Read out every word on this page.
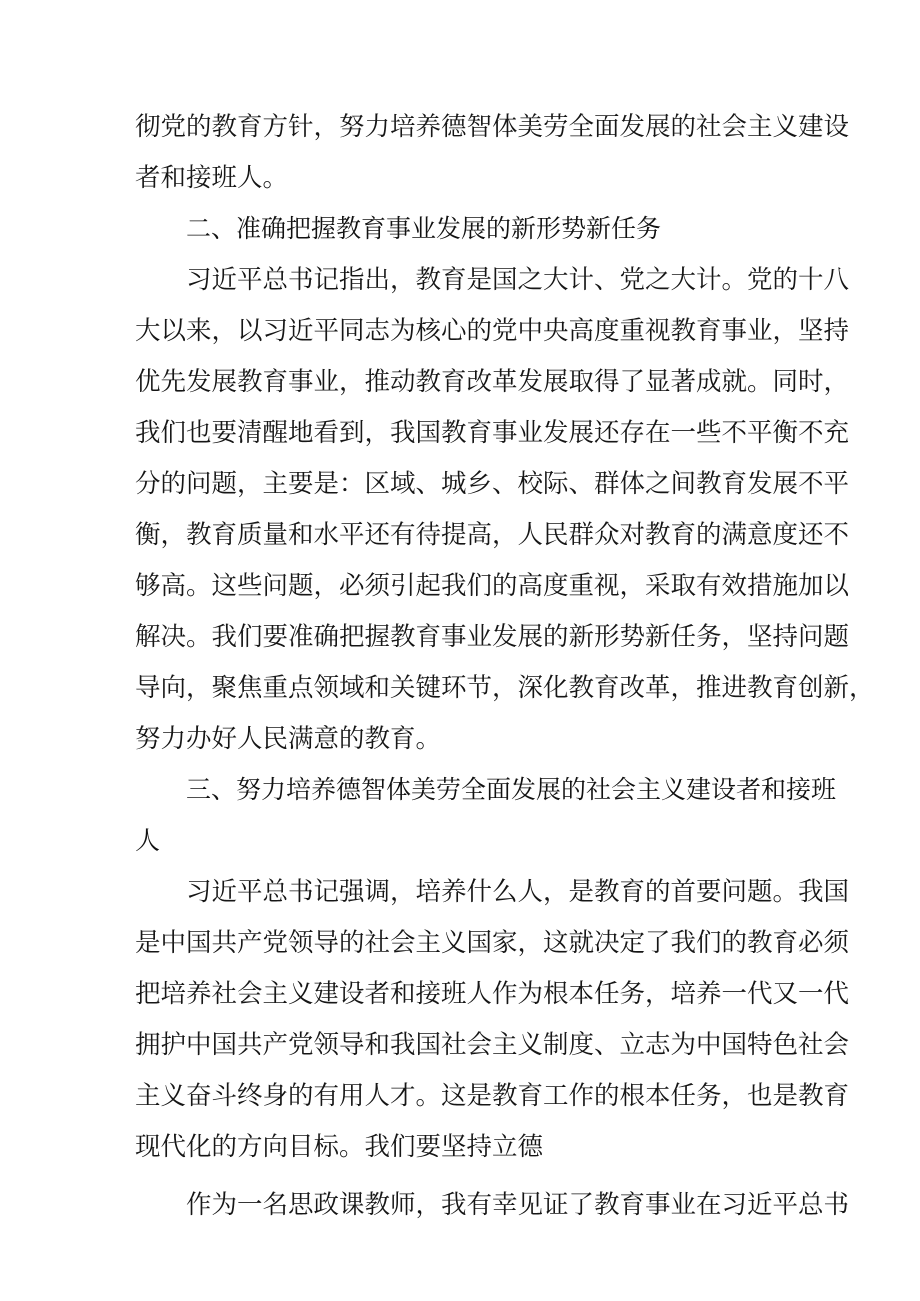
彻党的教育方针，努力培养德智体美劳全面发展的社会主义建设

者和接班人。

二、准确把握教育事业发展的新形势新任务

习近平总书记指出，教育是国之大计、党之大计。党的十八

大以来，以习近平同志为核心的党中央高度重视教育事业，坚持

优先发展教育事业，推动教育改革发展取得了显著成就。同时，

我们也要清醒地看到，我国教育事业发展还存在一些不平衡不充

分的问题，主要是：区域、城乡、校际、群体之间教育发展不平

衡，教育质量和水平还有待提高，人民群众对教育的满意度还不

够高。这些问题，必须引起我们的高度重视，采取有效措施加以

解决。我们要准确把握教育事业发展的新形势新任务，坚持问题

导向，聚焦重点领域和关键环节，深化教育改革，推进教育创新，

努力办好人民满意的教育。

三、努力培养德智体美劳全面发展的社会主义建设者和接班

人

习近平总书记强调，培养什么人，是教育的首要问题。我国

是中国共产党领导的社会主义国家，这就决定了我们的教育必须

把培养社会主义建设者和接班人作为根本任务，培养一代又一代

拥护中国共产党领导和我国社会主义制度、立志为中国特色社会

主义奋斗终身的有用人才。这是教育工作的根本任务，也是教育

现代化的方向目标。我们要坚持立德

作为一名思政课教师，我有幸见证了教育事业在习近平总书
